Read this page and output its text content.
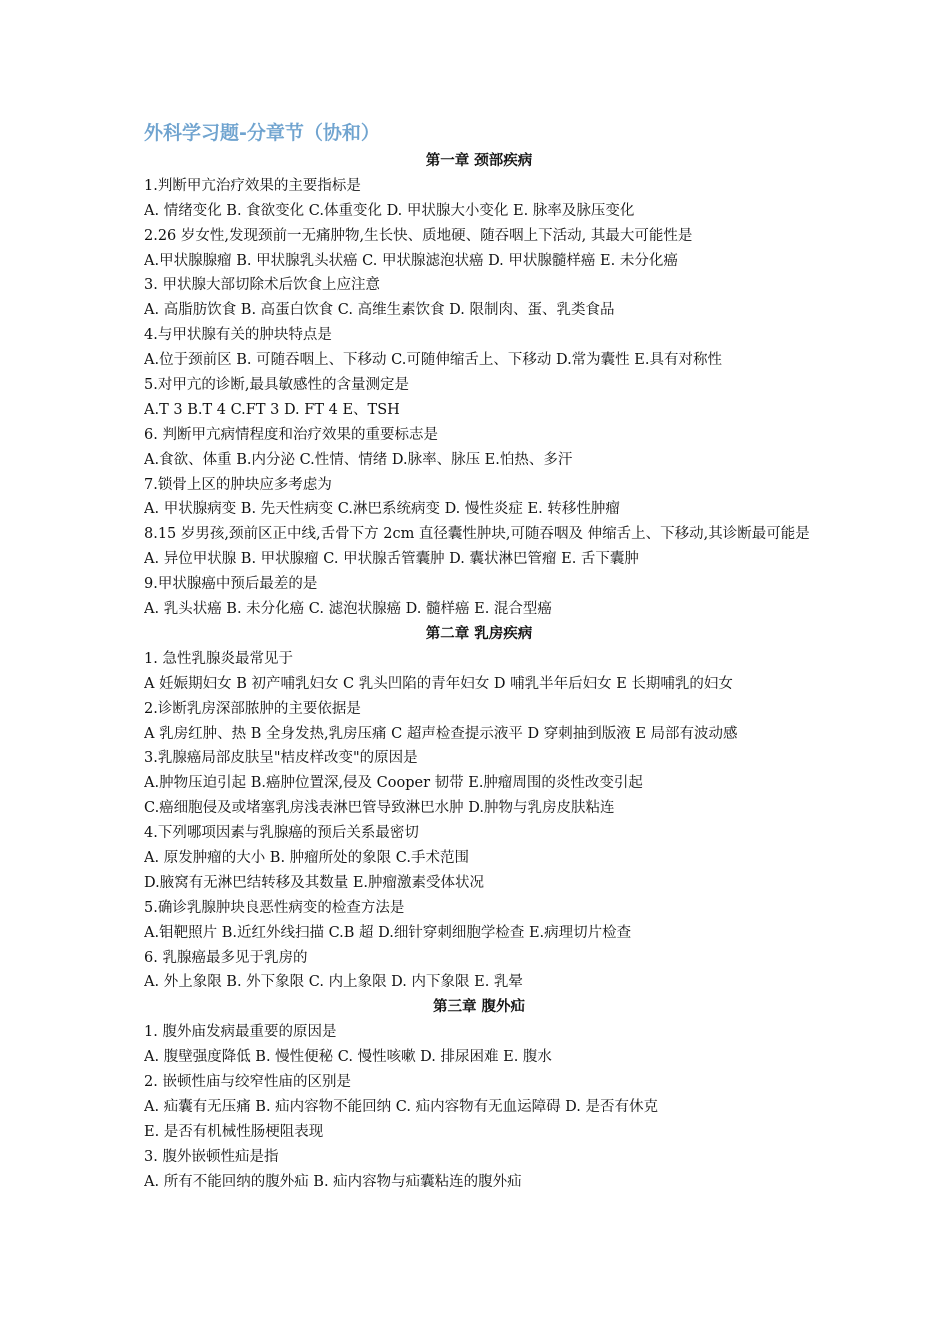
外科学习题-分章节（协和）
第一章 颈部疾病
1.判断甲亢治疗效果的主要指标是
A. 情绪变化 B. 食欲变化 C.体重变化 D. 甲状腺大小变化 E. 脉率及脉压变化
2.26 岁女性,发现颈前一无痛肿物,生长快、质地硬、随吞咽上下活动, 其最大可能性是
A.甲状腺腺瘤 B. 甲状腺乳头状癌 C. 甲状腺滤泡状癌 D. 甲状腺髓样癌 E. 未分化癌
3. 甲状腺大部切除术后饮食上应注意
A. 高脂肪饮食 B. 高蛋白饮食 C. 高维生素饮食 D. 限制肉、蛋、乳类食品
4.与甲状腺有关的肿块特点是
A.位于颈前区 B. 可随吞咽上、下移动 C.可随伸缩舌上、下移动 D.常为囊性 E.具有对称性
5.对甲亢的诊断,最具敏感性的含量测定是
A.T 3 B.T 4 C.FT 3 D. FT 4 E、TSH
6. 判断甲亢病情程度和治疗效果的重要标志是
A.食欲、体重 B.内分泌 C.性情、情绪 D.脉率、脉压 E.怕热、多汗
7.锁骨上区的肿块应多考虑为
A. 甲状腺病变 B. 先天性病变 C.淋巴系统病变 D. 慢性炎症 E. 转移性肿瘤
8.15 岁男孩,颈前区正中线,舌骨下方 2cm 直径囊性肿块,可随吞咽及 伸缩舌上、下移动,其诊断最可能是
A. 异位甲状腺 B. 甲状腺瘤 C. 甲状腺舌管囊肿 D. 囊状淋巴管瘤 E. 舌下囊肿
9.甲状腺癌中预后最差的是
A. 乳头状癌 B. 未分化癌 C. 滤泡状腺癌 D. 髓样癌 E. 混合型癌
第二章 乳房疾病
1. 急性乳腺炎最常见于
A 妊娠期妇女 B 初产哺乳妇女 C 乳头凹陷的青年妇女 D 哺乳半年后妇女 E 长期哺乳的妇女
2.诊断乳房深部脓肿的主要依据是
A 乳房红肿、热 B 全身发热,乳房压痛 C 超声检查提示液平 D 穿刺抽到版液 E 局部有波动感
3.乳腺癌局部皮肤呈"桔皮样改变"的原因是
A.肿物压迫引起 B.癌肿位置深,侵及 Cooper 韧带 E.肿瘤周围的炎性改变引起
C.癌细胞侵及或堵塞乳房浅表淋巴管导致淋巴水肿 D.肿物与乳房皮肤粘连
4.下列哪项因素与乳腺癌的预后关系最密切
A. 原发肿瘤的大小 B. 肿瘤所处的象限 C.手术范围
D.腋窝有无淋巴结转移及其数量 E.肿瘤激素受体状况
5.确诊乳腺肿块良恶性病变的检查方法是
A.钼靶照片 B.近红外线扫描 C.B 超 D.细针穿刺细胞学检查 E.病理切片检查
6. 乳腺癌最多见于乳房的
A. 外上象限 B. 外下象限 C. 内上象限 D. 内下象限 E. 乳晕
第三章 腹外疝
1. 腹外庙发病最重要的原因是
A. 腹壁强度降低 B. 慢性便秘 C. 慢性咳嗽 D. 排尿困难 E. 腹水
2. 嵌顿性庙与绞窄性庙的区别是
A. 疝囊有无压痛 B. 疝内容物不能回纳 C. 疝内容物有无血运障碍 D. 是否有休克
E. 是否有机械性肠梗阻表现
3. 腹外嵌顿性疝是指
A. 所有不能回纳的腹外疝 B. 疝内容物与疝囊粘连的腹外疝
